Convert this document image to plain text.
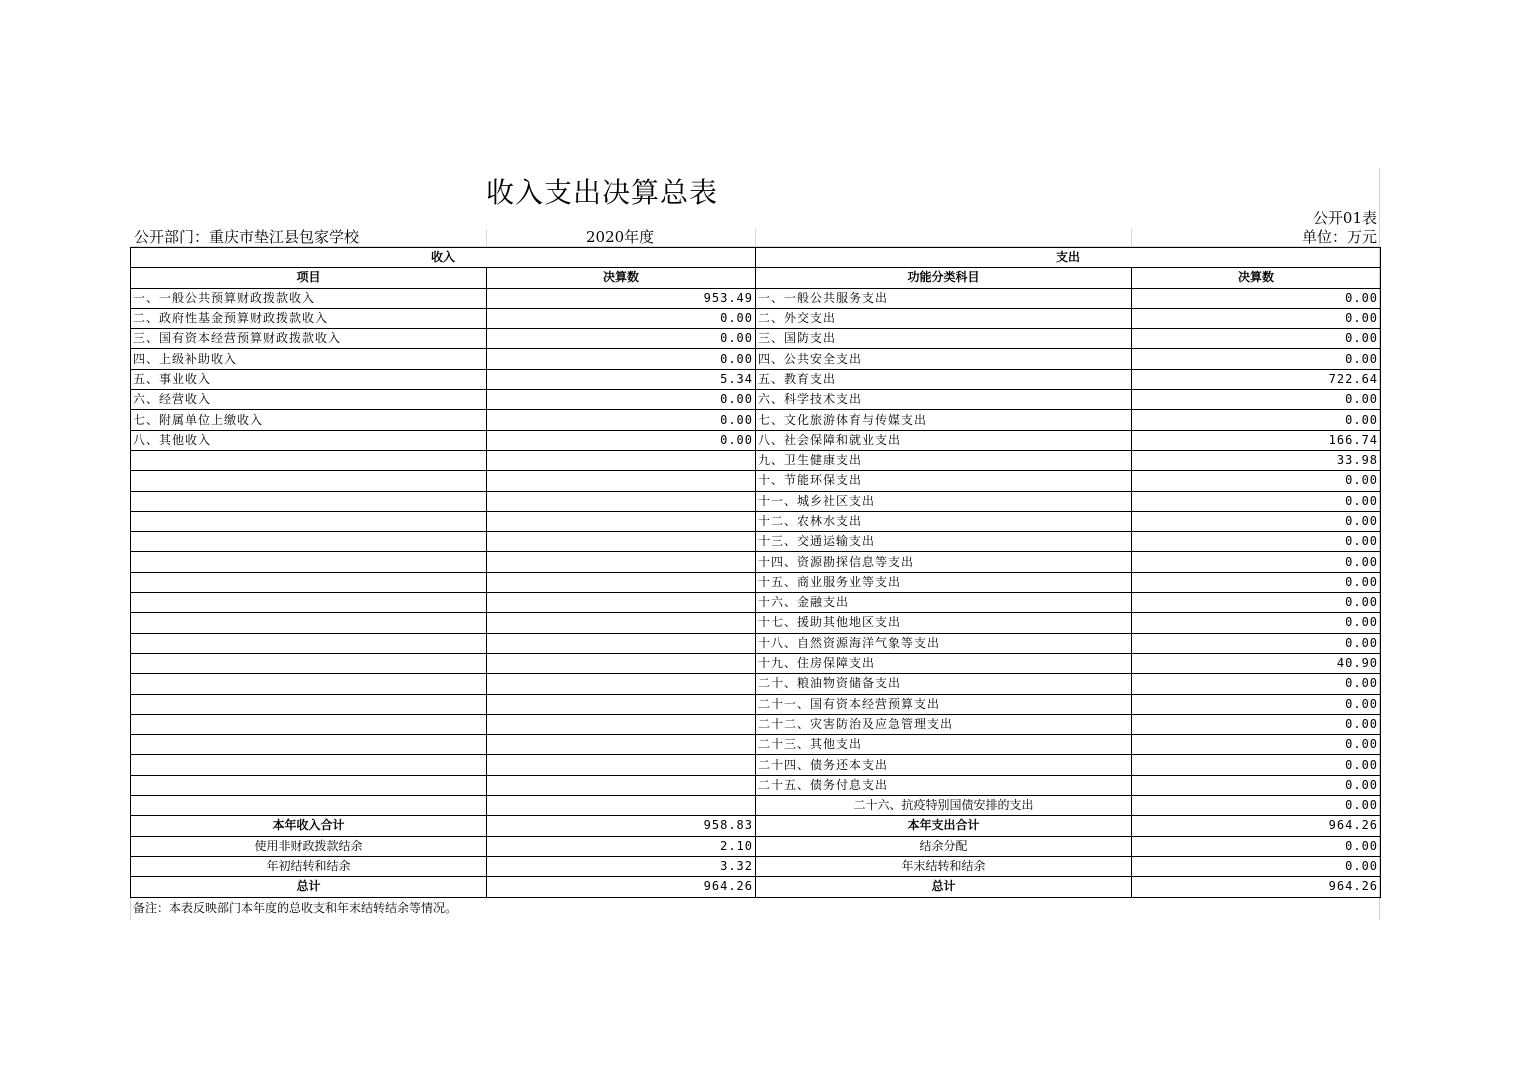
收入支出决算总表
公开01表
公开部门：重庆市垫江县包家学校	2020年度	单位：万元
收入		支出	
项目	决算数	功能分类科目	决算数
一、一般公共预算财政拨款收入	953.49	一、一般公共服务支出	0.00
二、政府性基金预算财政拨款收入	0.00	二、外交支出	0.00
三、国有资本经营预算财政拨款收入	0.00	三、国防支出	0.00
四、上级补助收入	0.00	四、公共安全支出	0.00
五、事业收入	5.34	五、教育支出	722.64
六、经营收入	0.00	六、科学技术支出	0.00
七、附属单位上缴收入	0.00	七、文化旅游体育与传媒支出	0.00
八、其他收入	0.00	八、社会保障和就业支出	166.74
		九、卫生健康支出	33.98
		十、节能环保支出	0.00
		十一、城乡社区支出	0.00
		十二、农林水支出	0.00
		十三、交通运输支出	0.00
		十四、资源勘探信息等支出	0.00
		十五、商业服务业等支出	0.00
		十六、金融支出	0.00
		十七、援助其他地区支出	0.00
		十八、自然资源海洋气象等支出	0.00
		十九、住房保障支出	40.90
		二十、粮油物资储备支出	0.00
		二十一、国有资本经营预算支出	0.00
		二十二、灾害防治及应急管理支出	0.00
		二十三、其他支出	0.00
		二十四、债务还本支出	0.00
		二十五、债务付息支出	0.00
		二十六、抗疫特别国债安排的支出	0.00
本年收入合计	958.83	本年支出合计	964.26
使用非财政拨款结余	2.10	结余分配	0.00
年初结转和结余	3.32	年末结转和结余	0.00
总计	964.26	总计	964.26
备注：本表反映部门本年度的总收支和年末结转结余等情况。
